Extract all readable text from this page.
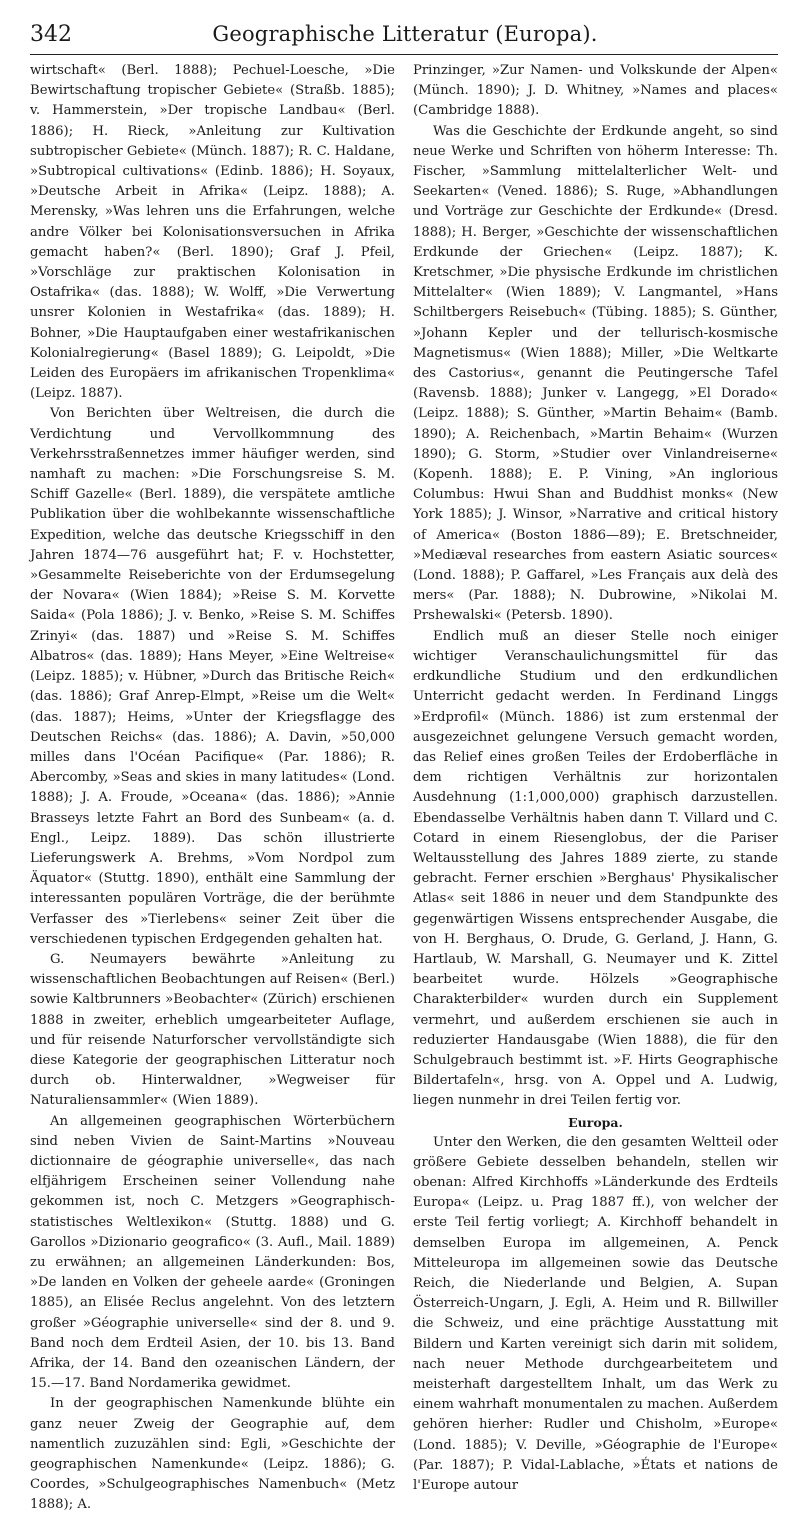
342	Geographische Litteratur (Europa).

wirtschaft« (Berl. 1888); Pechuel-Loesche, »Die Bewirtschaftung tropischer Gebiete« (Straßb. 1885); v. Hammerstein, »Der tropische Landbau« (Berl. 1886); H. Rieck, »Anleitung zur Kultivation subtropischer Gebiete« (Münch. 1887); R. C. Haldane, »Subtropical cultivations« (Edinb. 1886); H. Soyaux, »Deutsche Arbeit in Afrika« (Leipz. 1888); A. Merensky, »Was lehren uns die Erfahrungen, welche andre Völker bei Kolonisationsversuchen in Afrika gemacht haben?« (Berl. 1890); Graf J. Pfeil, »Vorschläge zur praktischen Kolonisation in Ostafrika« (das. 1888); W. Wolff, »Die Verwertung unsrer Kolonien in Westafrika« (das. 1889); H. Bohner, »Die Hauptaufgaben einer westafrikanischen Kolonialregierung« (Basel 1889); G. Leipoldt, »Die Leiden des Europäers im afrikanischen Tropenklima« (Leipz. 1887).

Von Berichten über Weltreisen, die durch die Verdichtung und Vervollkommnung des Verkehrsstraßennetzes immer häufiger werden, sind namhaft zu machen: »Die Forschungsreise S. M. Schiff Gazelle« (Berl. 1889), die verspätete amtliche Publikation über die wohlbekannte wissenschaftliche Expedition, welche das deutsche Kriegsschiff in den Jahren 1874—76 ausgeführt hat; F. v. Hochstetter, »Gesammelte Reiseberichte von der Erdumsegelung der Novara« (Wien 1884); »Reise S. M. Korvette Saida« (Pola 1886); J. v. Benko, »Reise S. M. Schiffes Zrinyi« (das. 1887) und »Reise S. M. Schiffes Albatros« (das. 1889); Hans Meyer, »Eine Weltreise« (Leipz. 1885); v. Hübner, »Durch das Britische Reich« (das. 1886); Graf Anrep-Elmpt, »Reise um die Welt« (das. 1887); Heims, »Unter der Kriegsflagge des Deutschen Reichs« (das. 1886); A. Davin, »50,000 milles dans l'Océan Pacifique« (Par. 1886); R. Abercomby, »Seas and skies in many latitudes« (Lond. 1888); J. A. Froude, »Oceana« (das. 1886); »Annie Brasseys letzte Fahrt an Bord des Sunbeam« (a. d. Engl., Leipz. 1889). Das schön illustrierte Lieferungswerk A. Brehms, »Vom Nordpol zum Äquator« (Stuttg. 1890), enthält eine Sammlung der interessanten populären Vorträge, die der berühmte Verfasser des »Tierlebens« seiner Zeit über die verschiedenen typischen Erdgegenden gehalten hat.

G. Neumayers bewährte »Anleitung zu wissenschaftlichen Beobachtungen auf Reisen« (Berl.) sowie Kaltbrunners »Beobachter« (Zürich) erschienen 1888 in zweiter, erheblich umgearbeiteter Auflage, und für reisende Naturforscher vervollständigte sich diese Kategorie der geographischen Litteratur noch durch ob. Hinterwaldner, »Wegweiser für Naturaliensammler« (Wien 1889).

An allgemeinen geographischen Wörterbüchern sind neben Vivien de Saint-Martins »Nouveau dictionnaire de géographie universelle«, das nach elfjährigem Erscheinen seiner Vollendung nahe gekommen ist, noch C. Metzgers »Geographisch-statistisches Weltlexikon« (Stuttg. 1888) und G. Garollos »Dizionario geografico« (3. Aufl., Mail. 1889) zu erwähnen; an allgemeinen Länderkunden: Bos, »De landen en Volken der geheele aarde« (Groningen 1885), an Elisée Reclus angelehnt. Von des letztern großer »Géographie universelle« sind der 8. und 9. Band noch dem Erdteil Asien, der 10. bis 13. Band Afrika, der 14. Band den ozeanischen Ländern, der 15.—17. Band Nordamerika gewidmet.

In der geographischen Namenkunde blühte ein ganz neuer Zweig der Geographie auf, dem namentlich zuzuzählen sind: Egli, »Geschichte der geographischen Namenkunde« (Leipz. 1886); G. Coordes, »Schulgeographisches Namenbuch« (Metz 1888); A.

Prinzinger, »Zur Namen- und Volkskunde der Alpen« (Münch. 1890); J. D. Whitney, »Names and places« (Cambridge 1888).

Was die Geschichte der Erdkunde angeht, so sind neue Werke und Schriften von höherm Interesse: Th. Fischer, »Sammlung mittelalterlicher Welt- und Seekarten« (Vened. 1886); S. Ruge, »Abhandlungen und Vorträge zur Geschichte der Erdkunde« (Dresd. 1888); H. Berger, »Geschichte der wissenschaftlichen Erdkunde der Griechen« (Leipz. 1887); K. Kretschmer, »Die physische Erdkunde im christlichen Mittelalter« (Wien 1889); V. Langmantel, »Hans Schiltbergers Reisebuch« (Tübing. 1885); S. Günther, »Johann Kepler und der tellurisch-kosmische Magnetismus« (Wien 1888); Miller, »Die Weltkarte des Castorius«, genannt die Peutingersche Tafel (Ravensb. 1888); Junker v. Langegg, »El Dorado« (Leipz. 1888); S. Günther, »Martin Behaim« (Bamb. 1890); A. Reichenbach, »Martin Behaim« (Wurzen 1890); G. Storm, »Studier over Vinlandreiserne« (Kopenh. 1888); E. P. Vining, »An inglorious Columbus: Hwui Shan and Buddhist monks« (New York 1885); J. Winsor, »Narrative and critical history of America« (Boston 1886—89); E. Bretschneider, »Mediæval researches from eastern Asiatic sources« (Lond. 1888); P. Gaffarel, »Les Français aux delà des mers« (Par. 1888); N. Dubrowine, »Nikolai M. Prshewalski« (Petersb. 1890).

Endlich muß an dieser Stelle noch einiger wichtiger Veranschaulichungsmittel für das erdkundliche Studium und den erdkundlichen Unterricht gedacht werden. In Ferdinand Linggs »Erdprofil« (Münch. 1886) ist zum erstenmal der ausgezeichnet gelungene Versuch gemacht worden, das Relief eines großen Teiles der Erdoberfläche in dem richtigen Verhältnis zur horizontalen Ausdehnung (1:1,000,000) graphisch darzustellen. Ebendasselbe Verhältnis haben dann T. Villard und C. Cotard in einem Riesenglobus, der die Pariser Weltausstellung des Jahres 1889 zierte, zu stande gebracht. Ferner erschien »Berghaus' Physikalischer Atlas« seit 1886 in neuer und dem Standpunkte des gegenwärtigen Wissens entsprechender Ausgabe, die von H. Berghaus, O. Drude, G. Gerland, J. Hann, G. Hartlaub, W. Marshall, G. Neumayer und K. Zittel bearbeitet wurde. Hölzels »Geographische Charakterbilder« wurden durch ein Supplement vermehrt, und außerdem erschienen sie auch in reduzierter Handausgabe (Wien 1888), die für den Schulgebrauch bestimmt ist. »F. Hirts Geographische Bildertafeln«, hrsg. von A. Oppel und A. Ludwig, liegen nunmehr in drei Teilen fertig vor.

Europa.

Unter den Werken, die den gesamten Weltteil oder größere Gebiete desselben behandeln, stellen wir obenan: Alfred Kirchhoffs »Länderkunde des Erdteils Europa« (Leipz. u. Prag 1887 ff.), von welcher der erste Teil fertig vorliegt; A. Kirchhoff behandelt in demselben Europa im allgemeinen, A. Penck Mitteleuropa im allgemeinen sowie das Deutsche Reich, die Niederlande und Belgien, A. Supan Österreich-Ungarn, J. Egli, A. Heim und R. Billwiller die Schweiz, und eine prächtige Ausstattung mit Bildern und Karten vereinigt sich darin mit solidem, nach neuer Methode durchgearbeitetem und meisterhaft dargestelltem Inhalt, um das Werk zu einem wahrhaft monumentalen zu machen. Außerdem gehören hierher: Rudler und Chisholm, »Europe« (Lond. 1885); V. Deville, »Géographie de l'Europe« (Par. 1887); P. Vidal-Lablache, »États et nations de l'Europe autour
